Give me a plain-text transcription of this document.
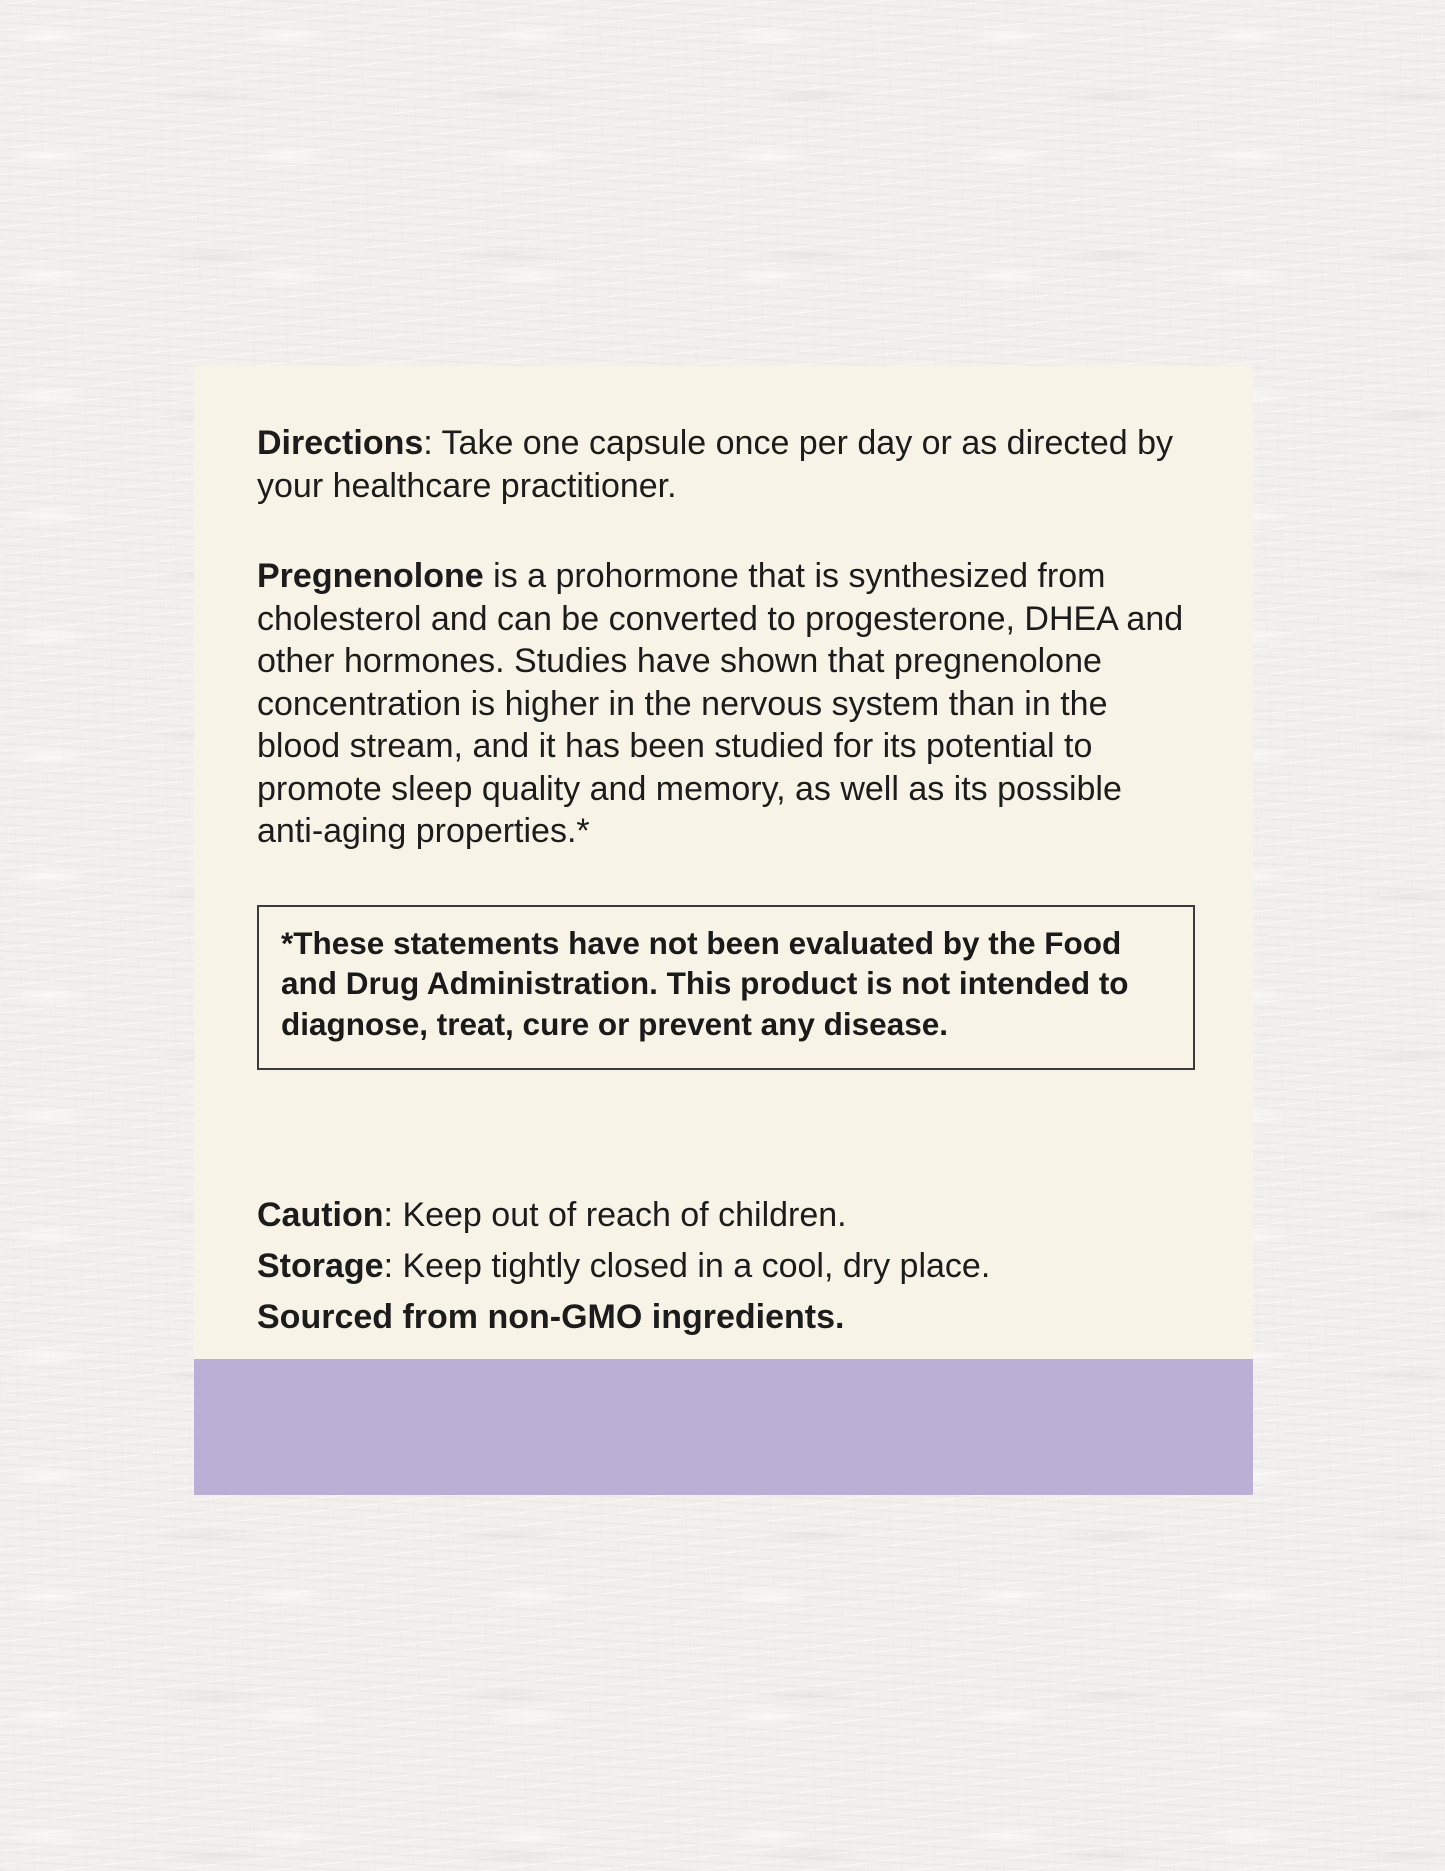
Directions: Take one capsule once per day or as directed by your healthcare practitioner.

Pregnenolone is a prohormone that is synthesized from cholesterol and can be converted to progesterone, DHEA and other hormones. Studies have shown that pregnenolone concentration is higher in the nervous system than in the blood stream, and it has been studied for its potential to promote sleep quality and memory, as well as its possible anti-aging properties.*

*These statements have not been evaluated by the Food and Drug Administration. This product is not intended to diagnose, treat, cure or prevent any disease.

Caution: Keep out of reach of children.

Storage: Keep tightly closed in a cool, dry place.

Sourced from non-GMO ingredients.
